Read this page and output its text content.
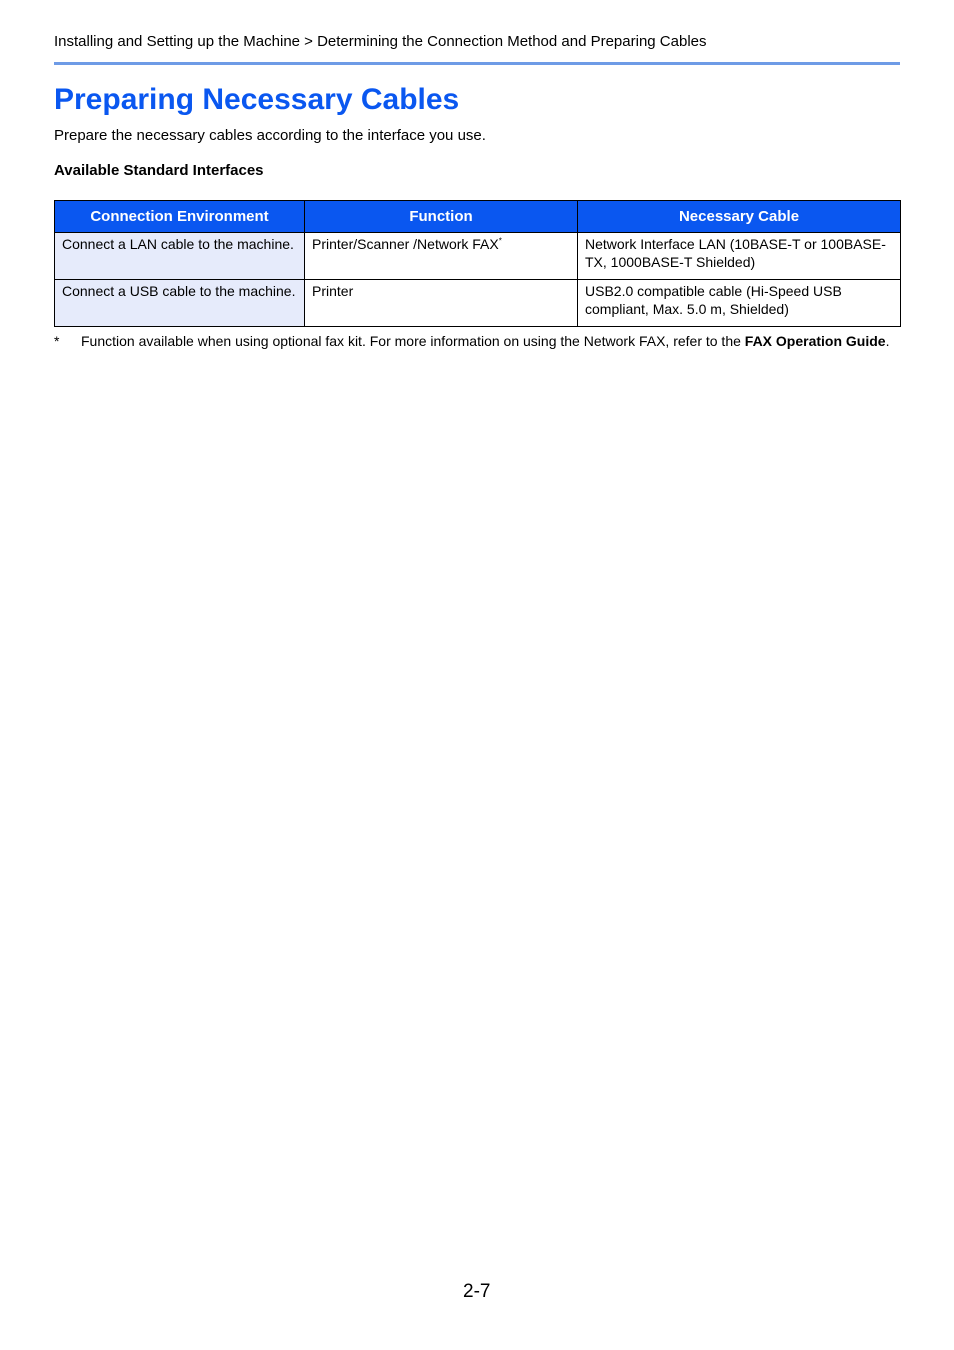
Installing and Setting up the Machine > Determining the Connection Method and Preparing Cables
Preparing Necessary Cables
Prepare the necessary cables according to the interface you use.
Available Standard Interfaces
Connection Environment	Function	Necessary Cable
Connect a LAN cable to the machine.	Printer/Scanner /Network FAX*	Network Interface LAN (10BASE-T or 100BASE-TX, 1000BASE-T Shielded)
Connect a USB cable to the machine.	Printer	USB2.0 compatible cable (Hi-Speed USB compliant, Max. 5.0 m, Shielded)
* Function available when using optional fax kit. For more information on using the Network FAX, refer to the FAX Operation Guide.
2-7
